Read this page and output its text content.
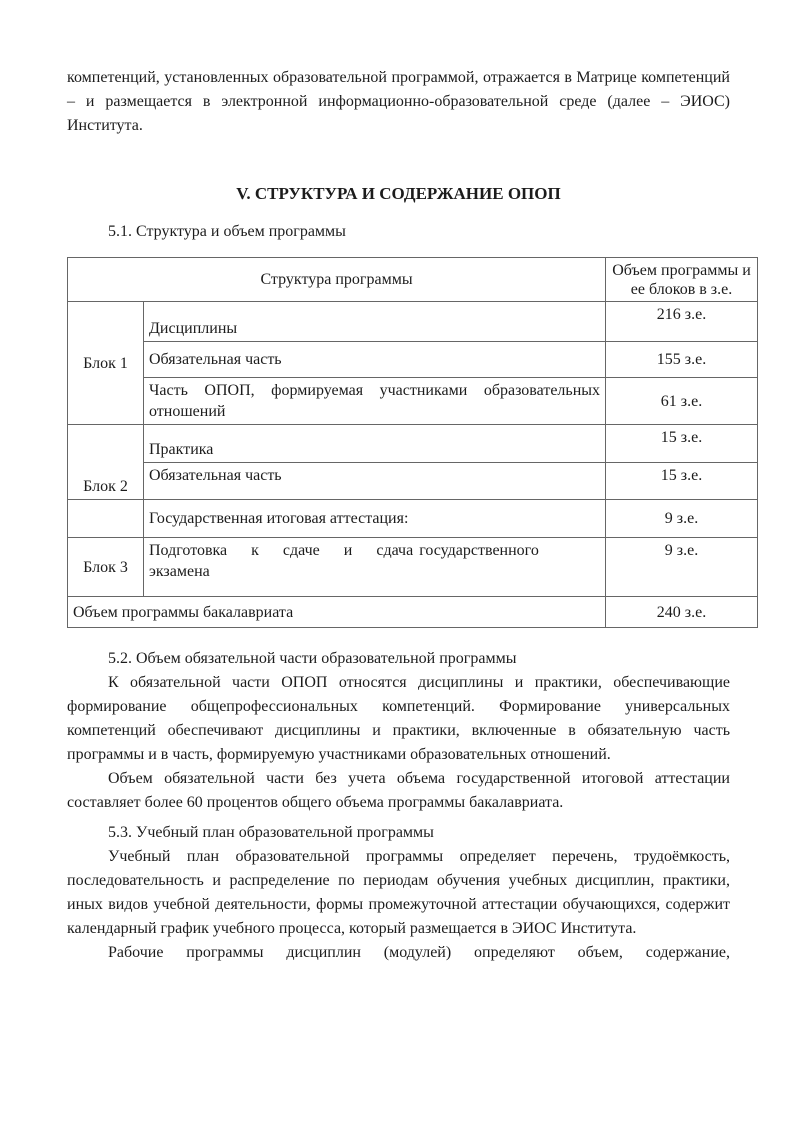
компетенций, установленных образовательной программой, отражается в Матрице компетенций – и размещается в электронной информационно-образовательной среде (далее – ЭИОС) Института.

V. СТРУКТУРА И СОДЕРЖАНИЕ ОПОП

5.1. Структура и объем программы

Структура программы		Объем программы и ее блоков в з.е.
Блок 1	Дисциплины	216 з.е.
	Обязательная часть	155 з.е.
	Часть ОПОП, формируемая участниками образовательных отношений	61 з.е.
Блок 2	Практика	15 з.е.
	Обязательная часть	15 з.е.
	Государственная итоговая аттестация:	9 з.е.
Блок 3	Подготовка    к    сдаче    и    сдача государственного экзамена	9 з.е.
Объем программы бакалавриата		240 з.е.

5.2. Объем обязательной части образовательной программы

К обязательной части ОПОП относятся дисциплины и практики, обеспечивающие формирование общепрофессиональных компетенций. Формирование универсальных компетенций обеспечивают дисциплины и практики, включенные в обязательную часть программы и в часть, формируемую участниками образовательных отношений.

Объем обязательной части без учета объема государственной итоговой аттестации составляет более 60 процентов общего объема программы бакалавриата.

5.3. Учебный план образовательной программы

Учебный план образовательной программы определяет перечень, трудоёмкость, последовательность и распределение по периодам обучения учебных дисциплин, практики, иных видов учебной деятельности, формы промежуточной аттестации обучающихся, содержит календарный график учебного процесса, который размещается в ЭИОС Института.

Рабочие программы дисциплин (модулей) определяют объем, содержание,
